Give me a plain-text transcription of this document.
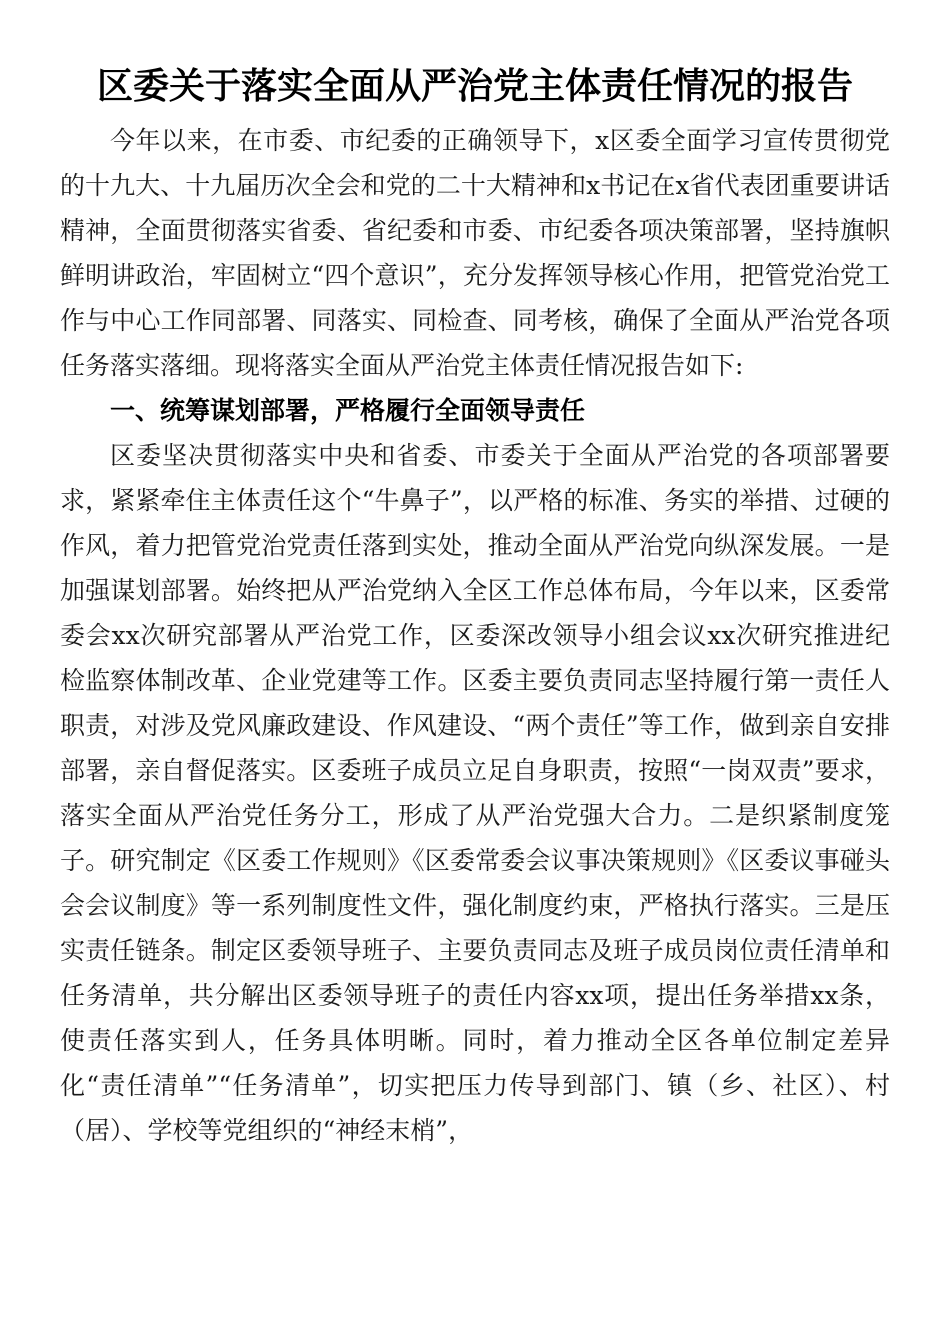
区委关于落实全面从严治党主体责任情况的报告

今年以来，在市委、市纪委的正确领导下，x区委全面学习宣传贯彻党的十九大、十九届历次全会和党的二十大精神和x书记在x省代表团重要讲话精神，全面贯彻落实省委、省纪委和市委、市纪委各项决策部署，坚持旗帜鲜明讲政治，牢固树立“四个意识”，充分发挥领导核心作用，把管党治党工作与中心工作同部署、同落实、同检查、同考核，确保了全面从严治党各项任务落实落细。现将落实全面从严治党主体责任情况报告如下:

一、统筹谋划部署，严格履行全面领导责任

区委坚决贯彻落实中央和省委、市委关于全面从严治党的各项部署要求，紧紧牵住主体责任这个“牛鼻子”，以严格的标准、务实的举措、过硬的作风，着力把管党治党责任落到实处，推动全面从严治党向纵深发展。一是加强谋划部署。始终把从严治党纳入全区工作总体布局，今年以来，区委常委会xx次研究部署从严治党工作，区委深改领导小组会议xx次研究推进纪检监察体制改革、企业党建等工作。区委主要负责同志坚持履行第一责任人职责，对涉及党风廉政建设、作风建设、“两个责任”等工作，做到亲自安排部署，亲自督促落实。区委班子成员立足自身职责，按照“一岗双责”要求，落实全面从严治党任务分工，形成了从严治党强大合力。二是织紧制度笼子。研究制定《区委工作规则》《区委常委会议事决策规则》《区委议事碰头会会议制度》等一系列制度性文件，强化制度约束，严格执行落实。三是压实责任链条。制定区委领导班子、主要负责同志及班子成员岗位责任清单和任务清单，共分解出区委领导班子的责任内容xx项，提出任务举措xx条，使责任落实到人，任务具体明晰。同时，着力推动全区各单位制定差异化“责任清单”“任务清单”，切实把压力传导到部门、镇（乡、社区）、村（居）、学校等党组织的“神经末梢”，
